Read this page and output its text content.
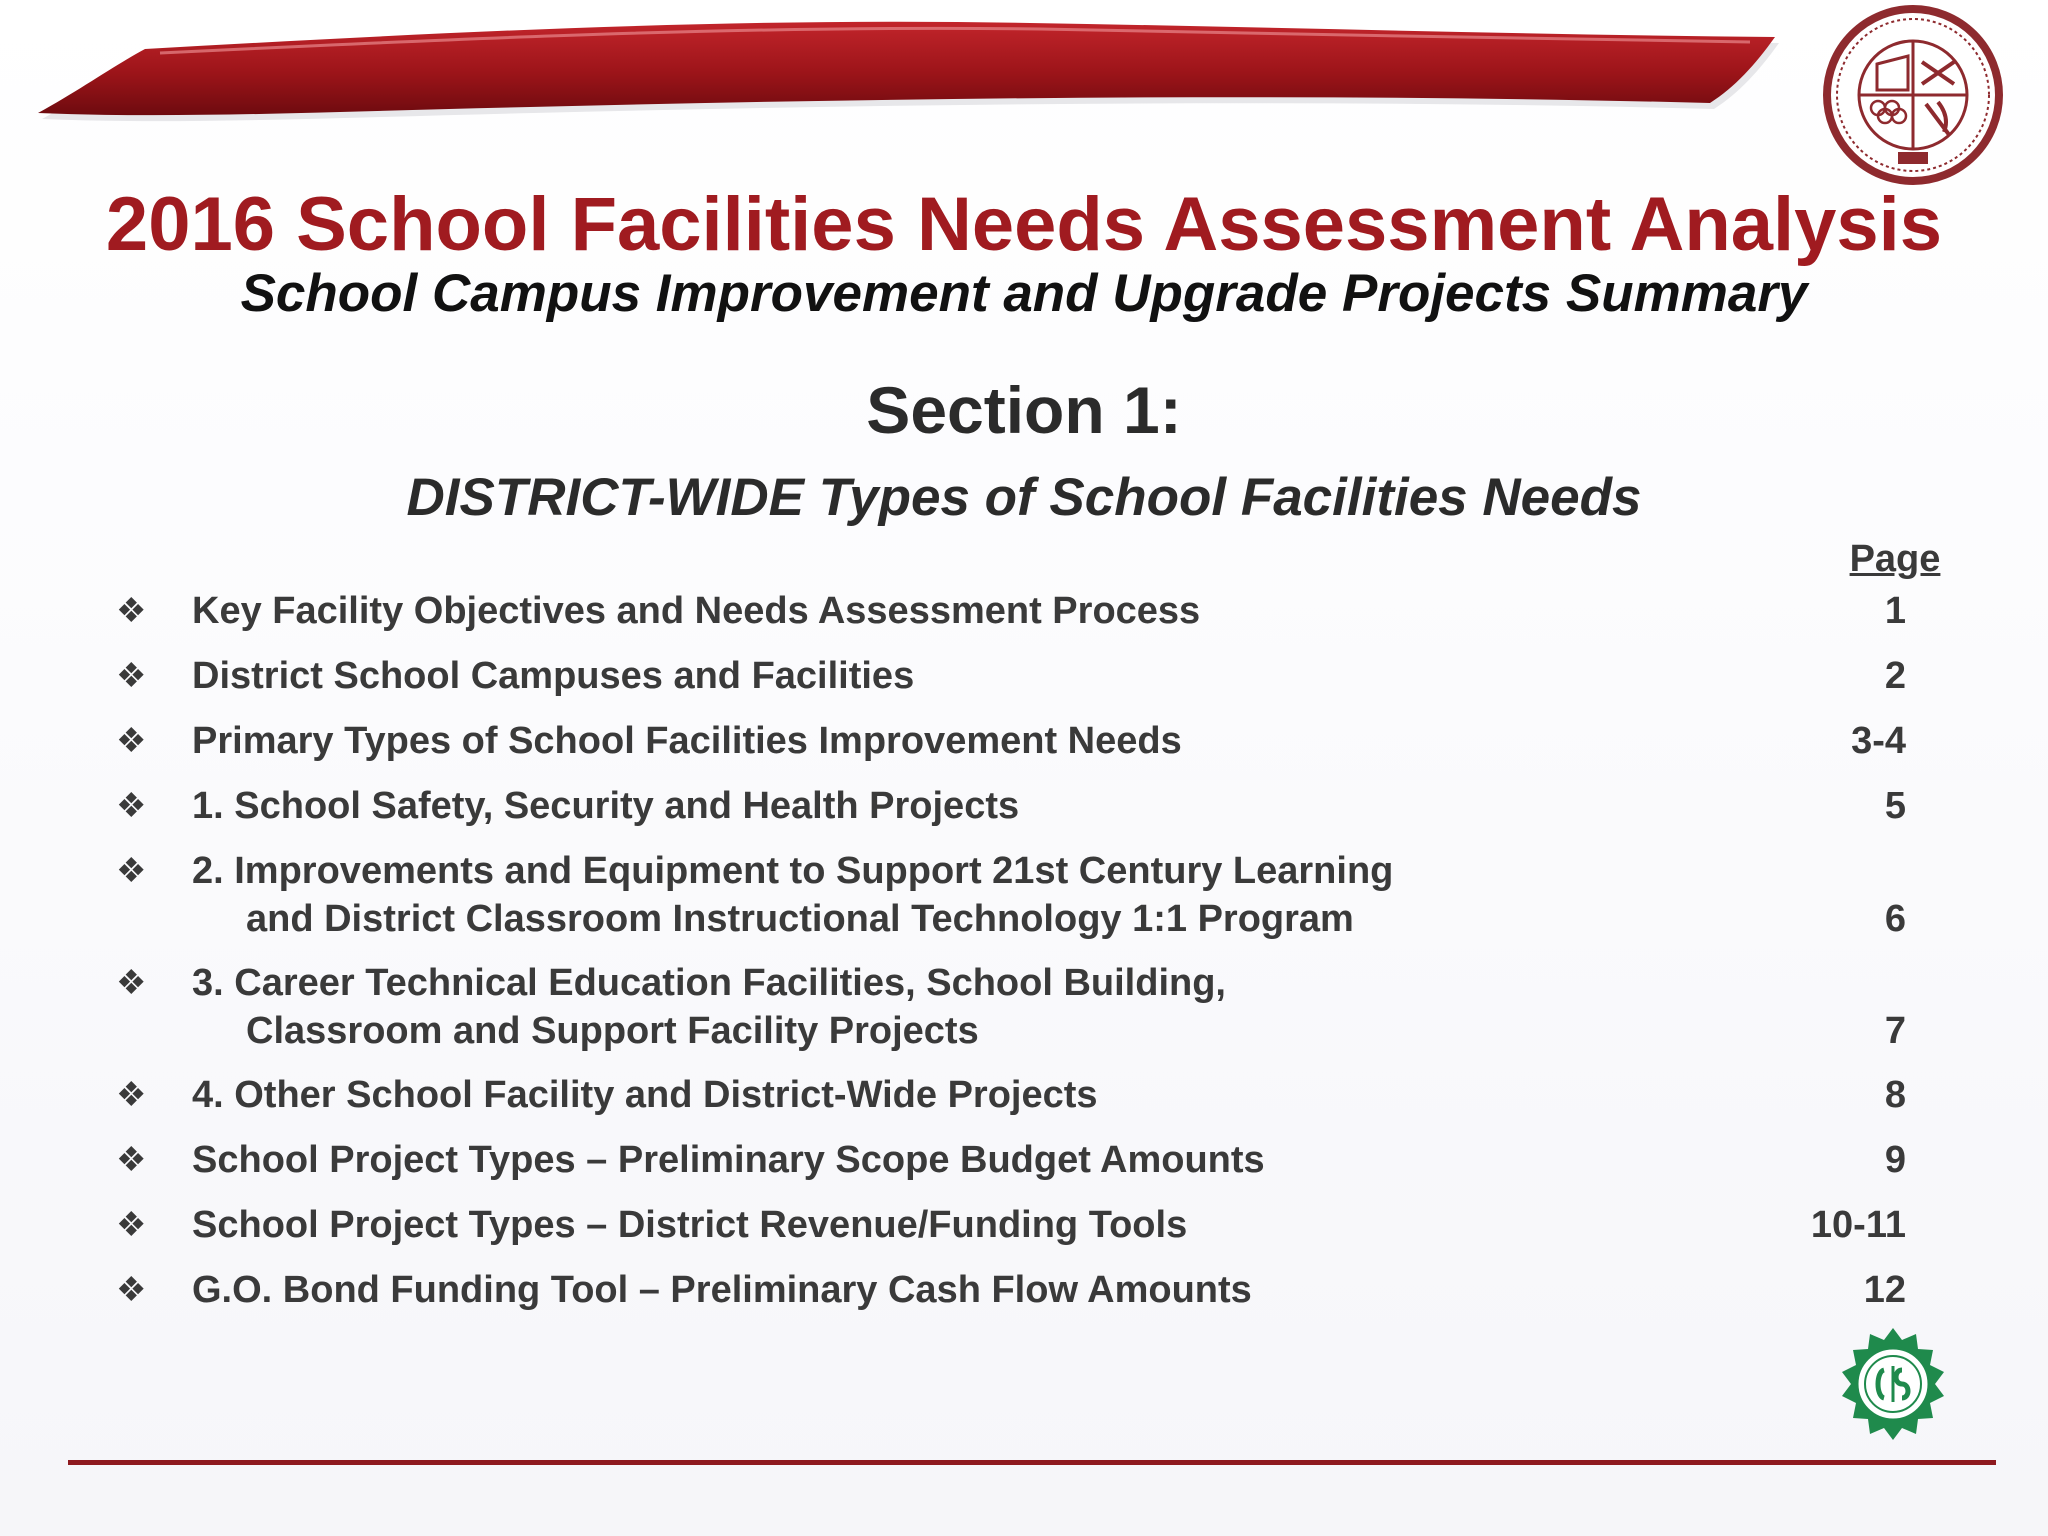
2016 School Facilities Needs Assessment Analysis
School Campus Improvement and Upgrade Projects Summary
Section 1:
DISTRICT-WIDE Types of School Facilities Needs
Page
❖ Key Facility Objectives and Needs Assessment Process	1
❖ District School Campuses and Facilities	2
❖ Primary Types of School Facilities Improvement Needs	3-4
❖ 1. School Safety, Security and Health Projects	5
❖ 2. Improvements and Equipment to Support 21st Century Learning
and District Classroom Instructional Technology 1:1 Program	6
❖ 3. Career Technical Education Facilities, School Building,
Classroom and Support Facility Projects	7
❖ 4. Other School Facility and District-Wide Projects	8
❖ School Project Types – Preliminary Scope Budget Amounts	9
❖ School Project Types – District Revenue/Funding Tools	10-11
❖ G.O. Bond Funding Tool – Preliminary Cash Flow Amounts	12
